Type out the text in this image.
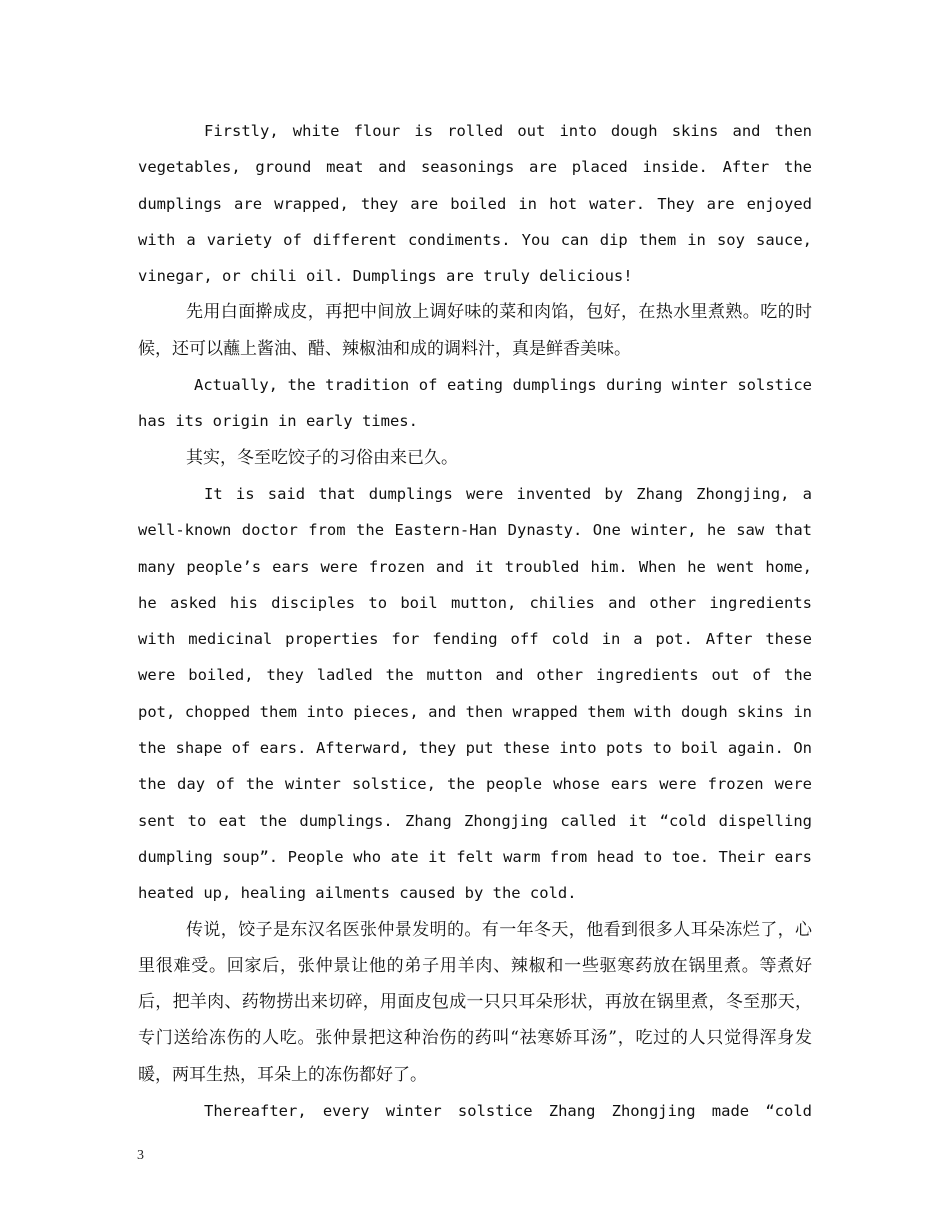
Firstly, white flour is rolled out into dough skins and then vegetables, ground meat and seasonings are placed inside. After the dumplings are wrapped, they are boiled in hot water. They are enjoyed with a variety of different condiments. You can dip them in soy sauce, vinegar, or chili oil. Dumplings are truly delicious!

先用白面擀成皮，再把中间放上调好味的菜和肉馅，包好，在热水里煮熟。吃的时候，还可以蘸上酱油、醋、辣椒油和成的调料汁，真是鲜香美味。

Actually, the tradition of eating dumplings during winter solstice has its origin in early times.

其实，冬至吃饺子的习俗由来已久。

It is said that dumplings were invented by Zhang Zhongjing, a well-known doctor from the Eastern-Han Dynasty. One winter, he saw that many people’s ears were frozen and it troubled him. When he went home, he asked his disciples to boil mutton, chilies and other ingredients with medicinal properties for fending off cold in a pot. After these were boiled, they ladled the mutton and other ingredients out of the pot, chopped them into pieces, and then wrapped them with dough skins in the shape of ears. Afterward, they put these into pots to boil again. On the day of the winter solstice, the people whose ears were frozen were sent to eat the dumplings. Zhang Zhongjing called it “cold dispelling dumpling soup”. People who ate it felt warm from head to toe. Their ears heated up, healing ailments caused by the cold.

传说，饺子是东汉名医张仲景发明的。有一年冬天，他看到很多人耳朵冻烂了，心里很难受。回家后，张仲景让他的弟子用羊肉、辣椒和一些驱寒药放在锅里煮。等煮好后，把羊肉、药物捞出来切碎，用面皮包成一只只耳朵形状，再放在锅里煮，冬至那天，专门送给冻伤的人吃。张仲景把这种治伤的药叫“祛寒娇耳汤”，吃过的人只觉得浑身发暖，两耳生热，耳朵上的冻伤都好了。

Thereafter, every winter solstice Zhang Zhongjing made “cold

3
